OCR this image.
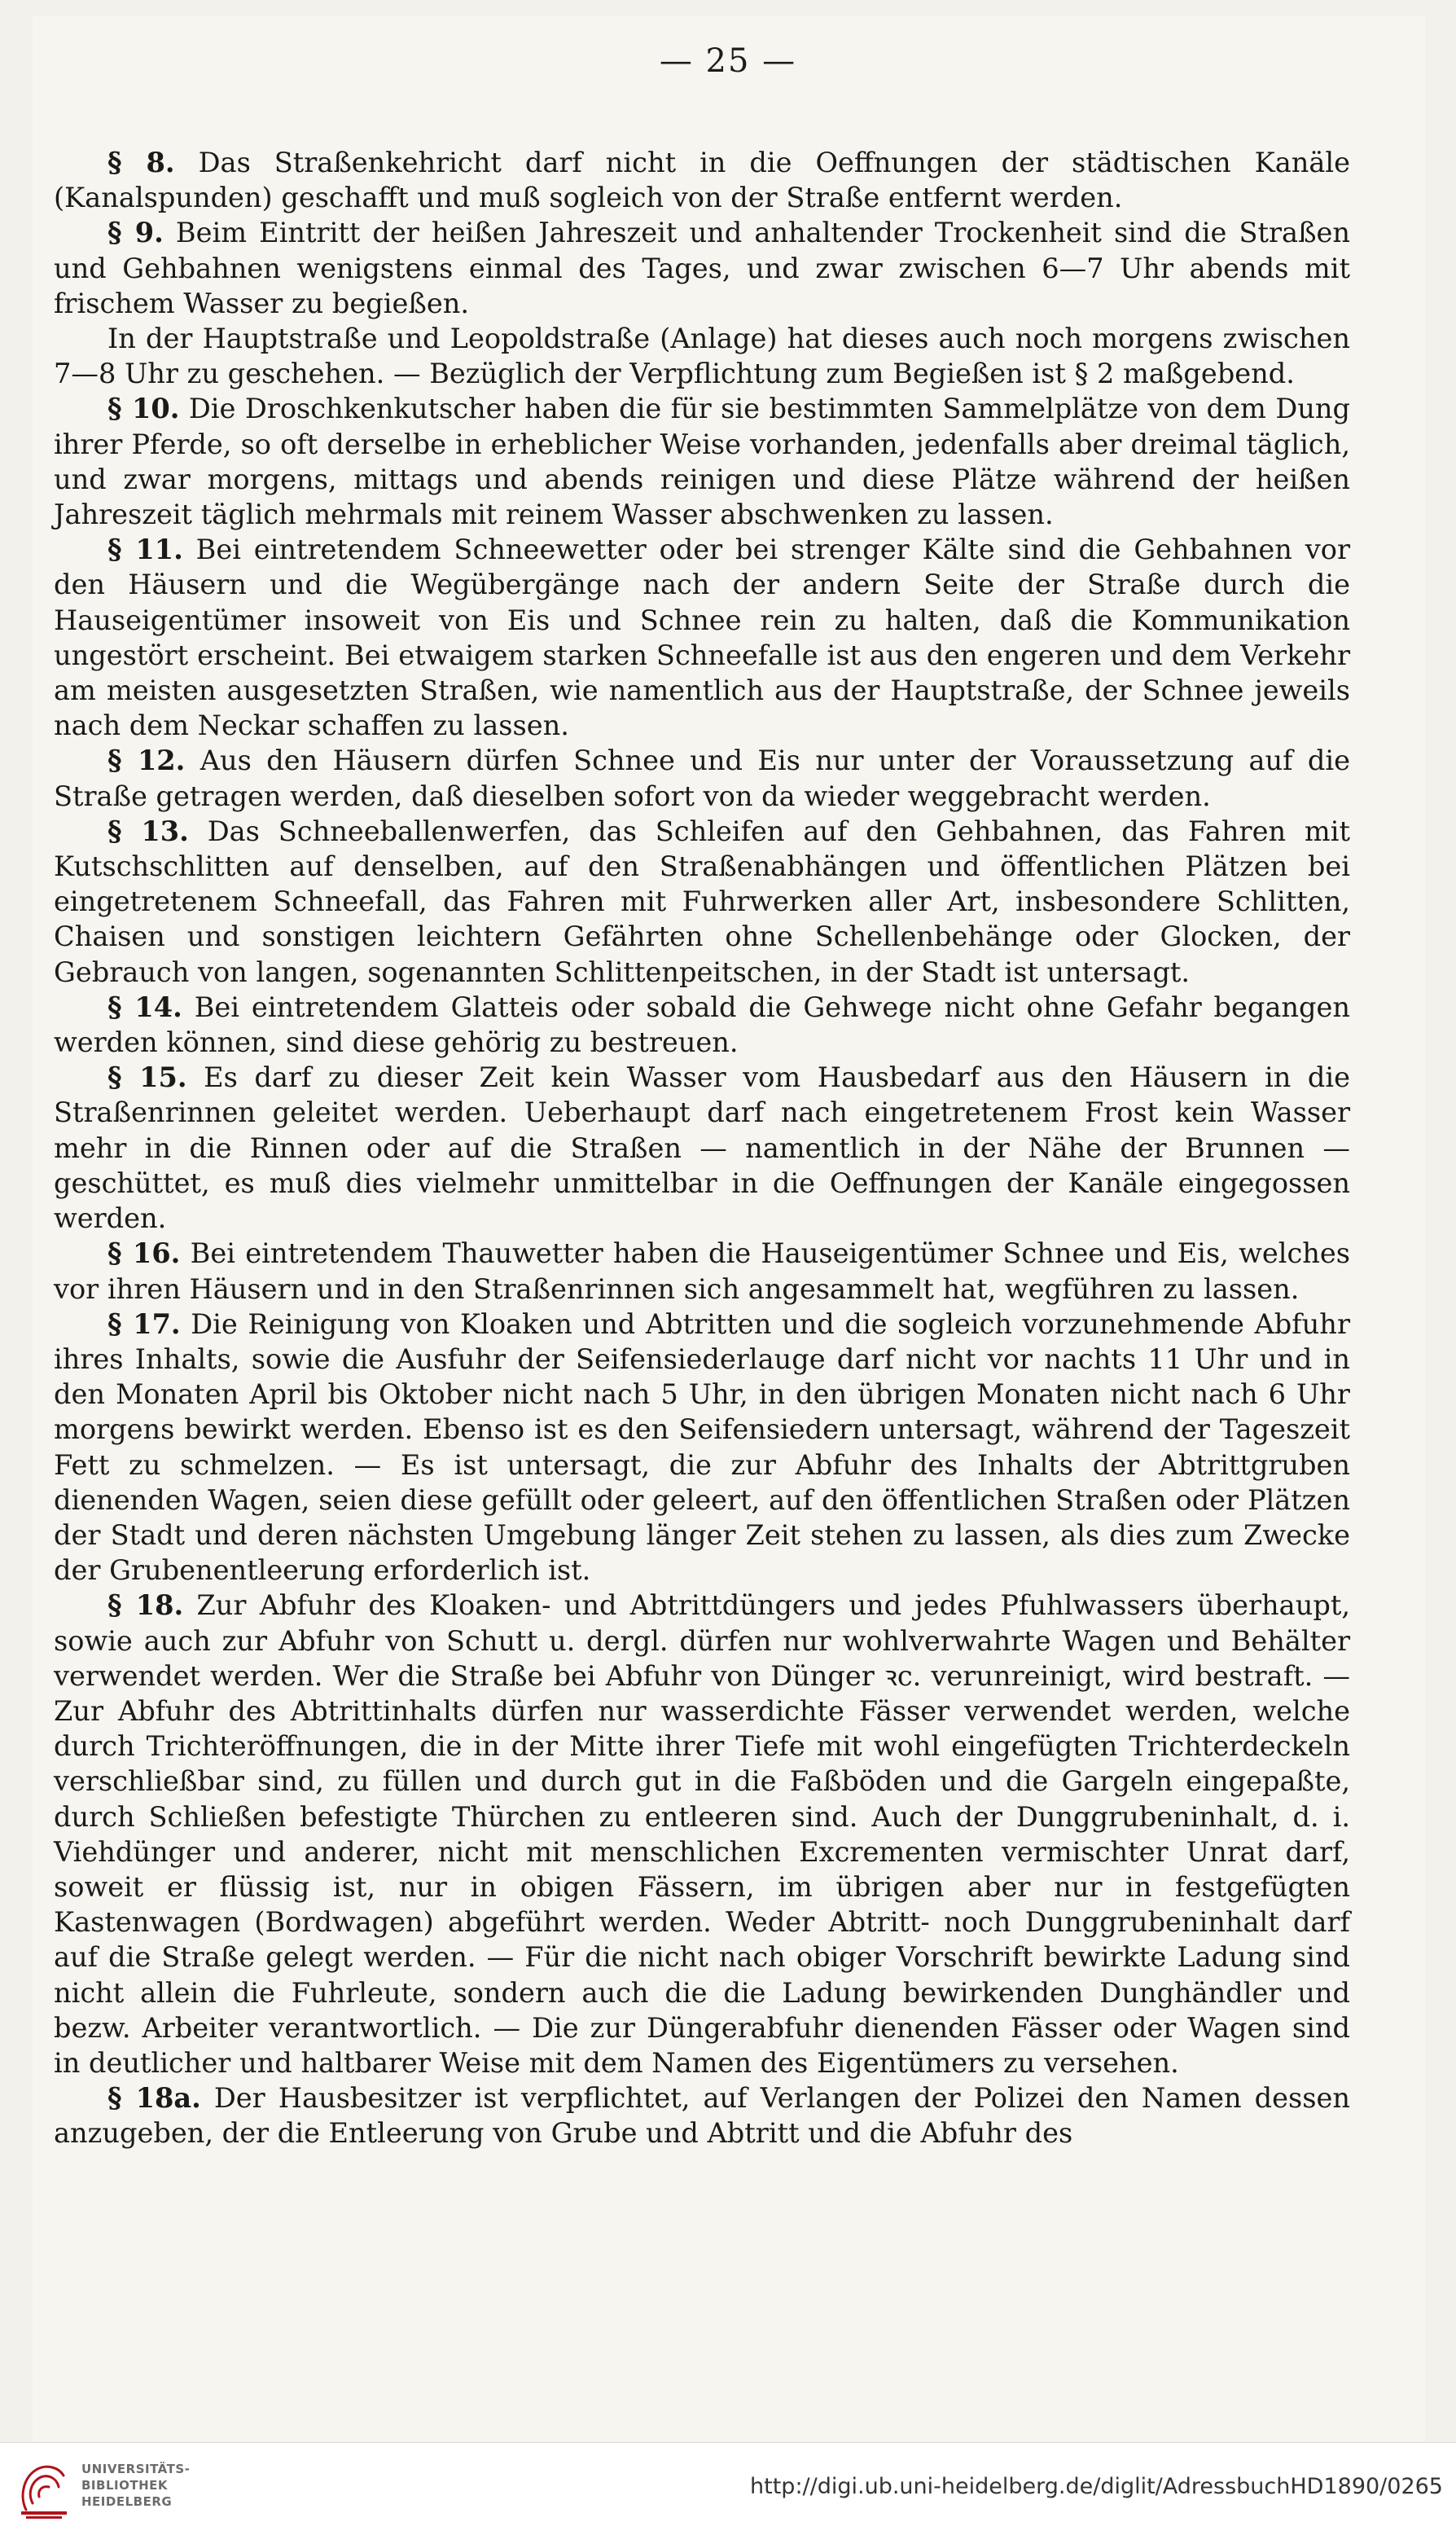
— 25 —

§ 8. Das Straßenkehricht darf nicht in die Oeffnungen der städtischen Kanäle (Kanalspunden) geschafft und muß sogleich von der Straße entfernt werden.

§ 9. Beim Eintritt der heißen Jahreszeit und anhaltender Trockenheit sind die Straßen und Gehbahnen wenigstens einmal des Tages, und zwar zwischen 6—7 Uhr abends mit frischem Wasser zu begießen.

In der Hauptstraße und Leopoldstraße (Anlage) hat dieses auch noch morgens zwischen 7—8 Uhr zu geschehen. — Bezüglich der Verpflichtung zum Begießen ist § 2 maßgebend.

§ 10. Die Droschkenkutscher haben die für sie bestimmten Sammelplätze von dem Dung ihrer Pferde, so oft derselbe in erheblicher Weise vorhanden, jedenfalls aber dreimal täglich, und zwar morgens, mittags und abends reinigen und diese Plätze während der heißen Jahreszeit täglich mehrmals mit reinem Wasser abschwenken zu lassen.

§ 11. Bei eintretendem Schneewetter oder bei strenger Kälte sind die Gehbahnen vor den Häusern und die Wegübergänge nach der andern Seite der Straße durch die Hauseigentümer insoweit von Eis und Schnee rein zu halten, daß die Kommunikation ungestört erscheint. Bei etwaigem starken Schneefalle ist aus den engeren und dem Verkehr am meisten ausgesetzten Straßen, wie namentlich aus der Hauptstraße, der Schnee jeweils nach dem Neckar schaffen zu lassen.

§ 12. Aus den Häusern dürfen Schnee und Eis nur unter der Voraussetzung auf die Straße getragen werden, daß dieselben sofort von da wieder weggebracht werden.

§ 13. Das Schneeballenwerfen, das Schleifen auf den Gehbahnen, das Fahren mit Kutschschlitten auf denselben, auf den Straßenabhängen und öffentlichen Plätzen bei eingetretenem Schneefall, das Fahren mit Fuhrwerken aller Art, insbesondere Schlitten, Chaisen und sonstigen leichtern Gefährten ohne Schellenbehänge oder Glocken, der Gebrauch von langen, sogenannten Schlittenpeitschen, in der Stadt ist untersagt.

§ 14. Bei eintretendem Glatteis oder sobald die Gehwege nicht ohne Gefahr begangen werden können, sind diese gehörig zu bestreuen.

§ 15. Es darf zu dieser Zeit kein Wasser vom Hausbedarf aus den Häusern in die Straßenrinnen geleitet werden. Ueberhaupt darf nach eingetretenem Frost kein Wasser mehr in die Rinnen oder auf die Straßen — namentlich in der Nähe der Brunnen — geschüttet, es muß dies vielmehr unmittelbar in die Oeffnungen der Kanäle eingegossen werden.

§ 16. Bei eintretendem Thauwetter haben die Hauseigentümer Schnee und Eis, welches vor ihren Häusern und in den Straßenrinnen sich angesammelt hat, wegführen zu lassen.

§ 17. Die Reinigung von Kloaken und Abtritten und die sogleich vorzunehmende Abfuhr ihres Inhalts, sowie die Ausfuhr der Seifensiederlauge darf nicht vor nachts 11 Uhr und in den Monaten April bis Oktober nicht nach 5 Uhr, in den übrigen Monaten nicht nach 6 Uhr morgens bewirkt werden. Ebenso ist es den Seifensiedern untersagt, während der Tageszeit Fett zu schmelzen. — Es ist untersagt, die zur Abfuhr des Inhalts der Abtrittgruben dienenden Wagen, seien diese gefüllt oder geleert, auf den öffentlichen Straßen oder Plätzen der Stadt und deren nächsten Umgebung länger Zeit stehen zu lassen, als dies zum Zwecke der Grubenentleerung erforderlich ist.

§ 18. Zur Abfuhr des Kloaken- und Abtrittdüngers und jedes Pfuhlwassers überhaupt, sowie auch zur Abfuhr von Schutt u. dergl. dürfen nur wohlverwahrte Wagen und Behälter verwendet werden. Wer die Straße bei Abfuhr von Dünger ꝛc. verunreinigt, wird bestraft. — Zur Abfuhr des Abtrittinhalts dürfen nur wasserdichte Fässer verwendet werden, welche durch Trichteröffnungen, die in der Mitte ihrer Tiefe mit wohl eingefügten Trichterdeckeln verschließbar sind, zu füllen und durch gut in die Faßböden und die Gargeln eingepaßte, durch Schließen befestigte Thürchen zu entleeren sind. Auch der Dunggrubeninhalt, d. i. Viehdünger und anderer, nicht mit menschlichen Excrementen vermischter Unrat darf, soweit er flüssig ist, nur in obigen Fässern, im übrigen aber nur in festgefügten Kastenwagen (Bordwagen) abgeführt werden. Weder Abtritt- noch Dunggrubeninhalt darf auf die Straße gelegt werden. — Für die nicht nach obiger Vorschrift bewirkte Ladung sind nicht allein die Fuhrleute, sondern auch die die Ladung bewirkenden Dunghändler und bezw. Arbeiter verantwortlich. — Die zur Düngerabfuhr dienenden Fässer oder Wagen sind in deutlicher und haltbarer Weise mit dem Namen des Eigentümers zu versehen.

§ 18a. Der Hausbesitzer ist verpflichtet, auf Verlangen der Polizei den Namen dessen anzugeben, der die Entleerung von Grube und Abtritt und die Abfuhr des

UNIVERSITÄTS-
BIBLIOTHEK
HEIDELBERG
http://digi.ub.uni-heidelberg.de/diglit/AdressbuchHD1890/0265
